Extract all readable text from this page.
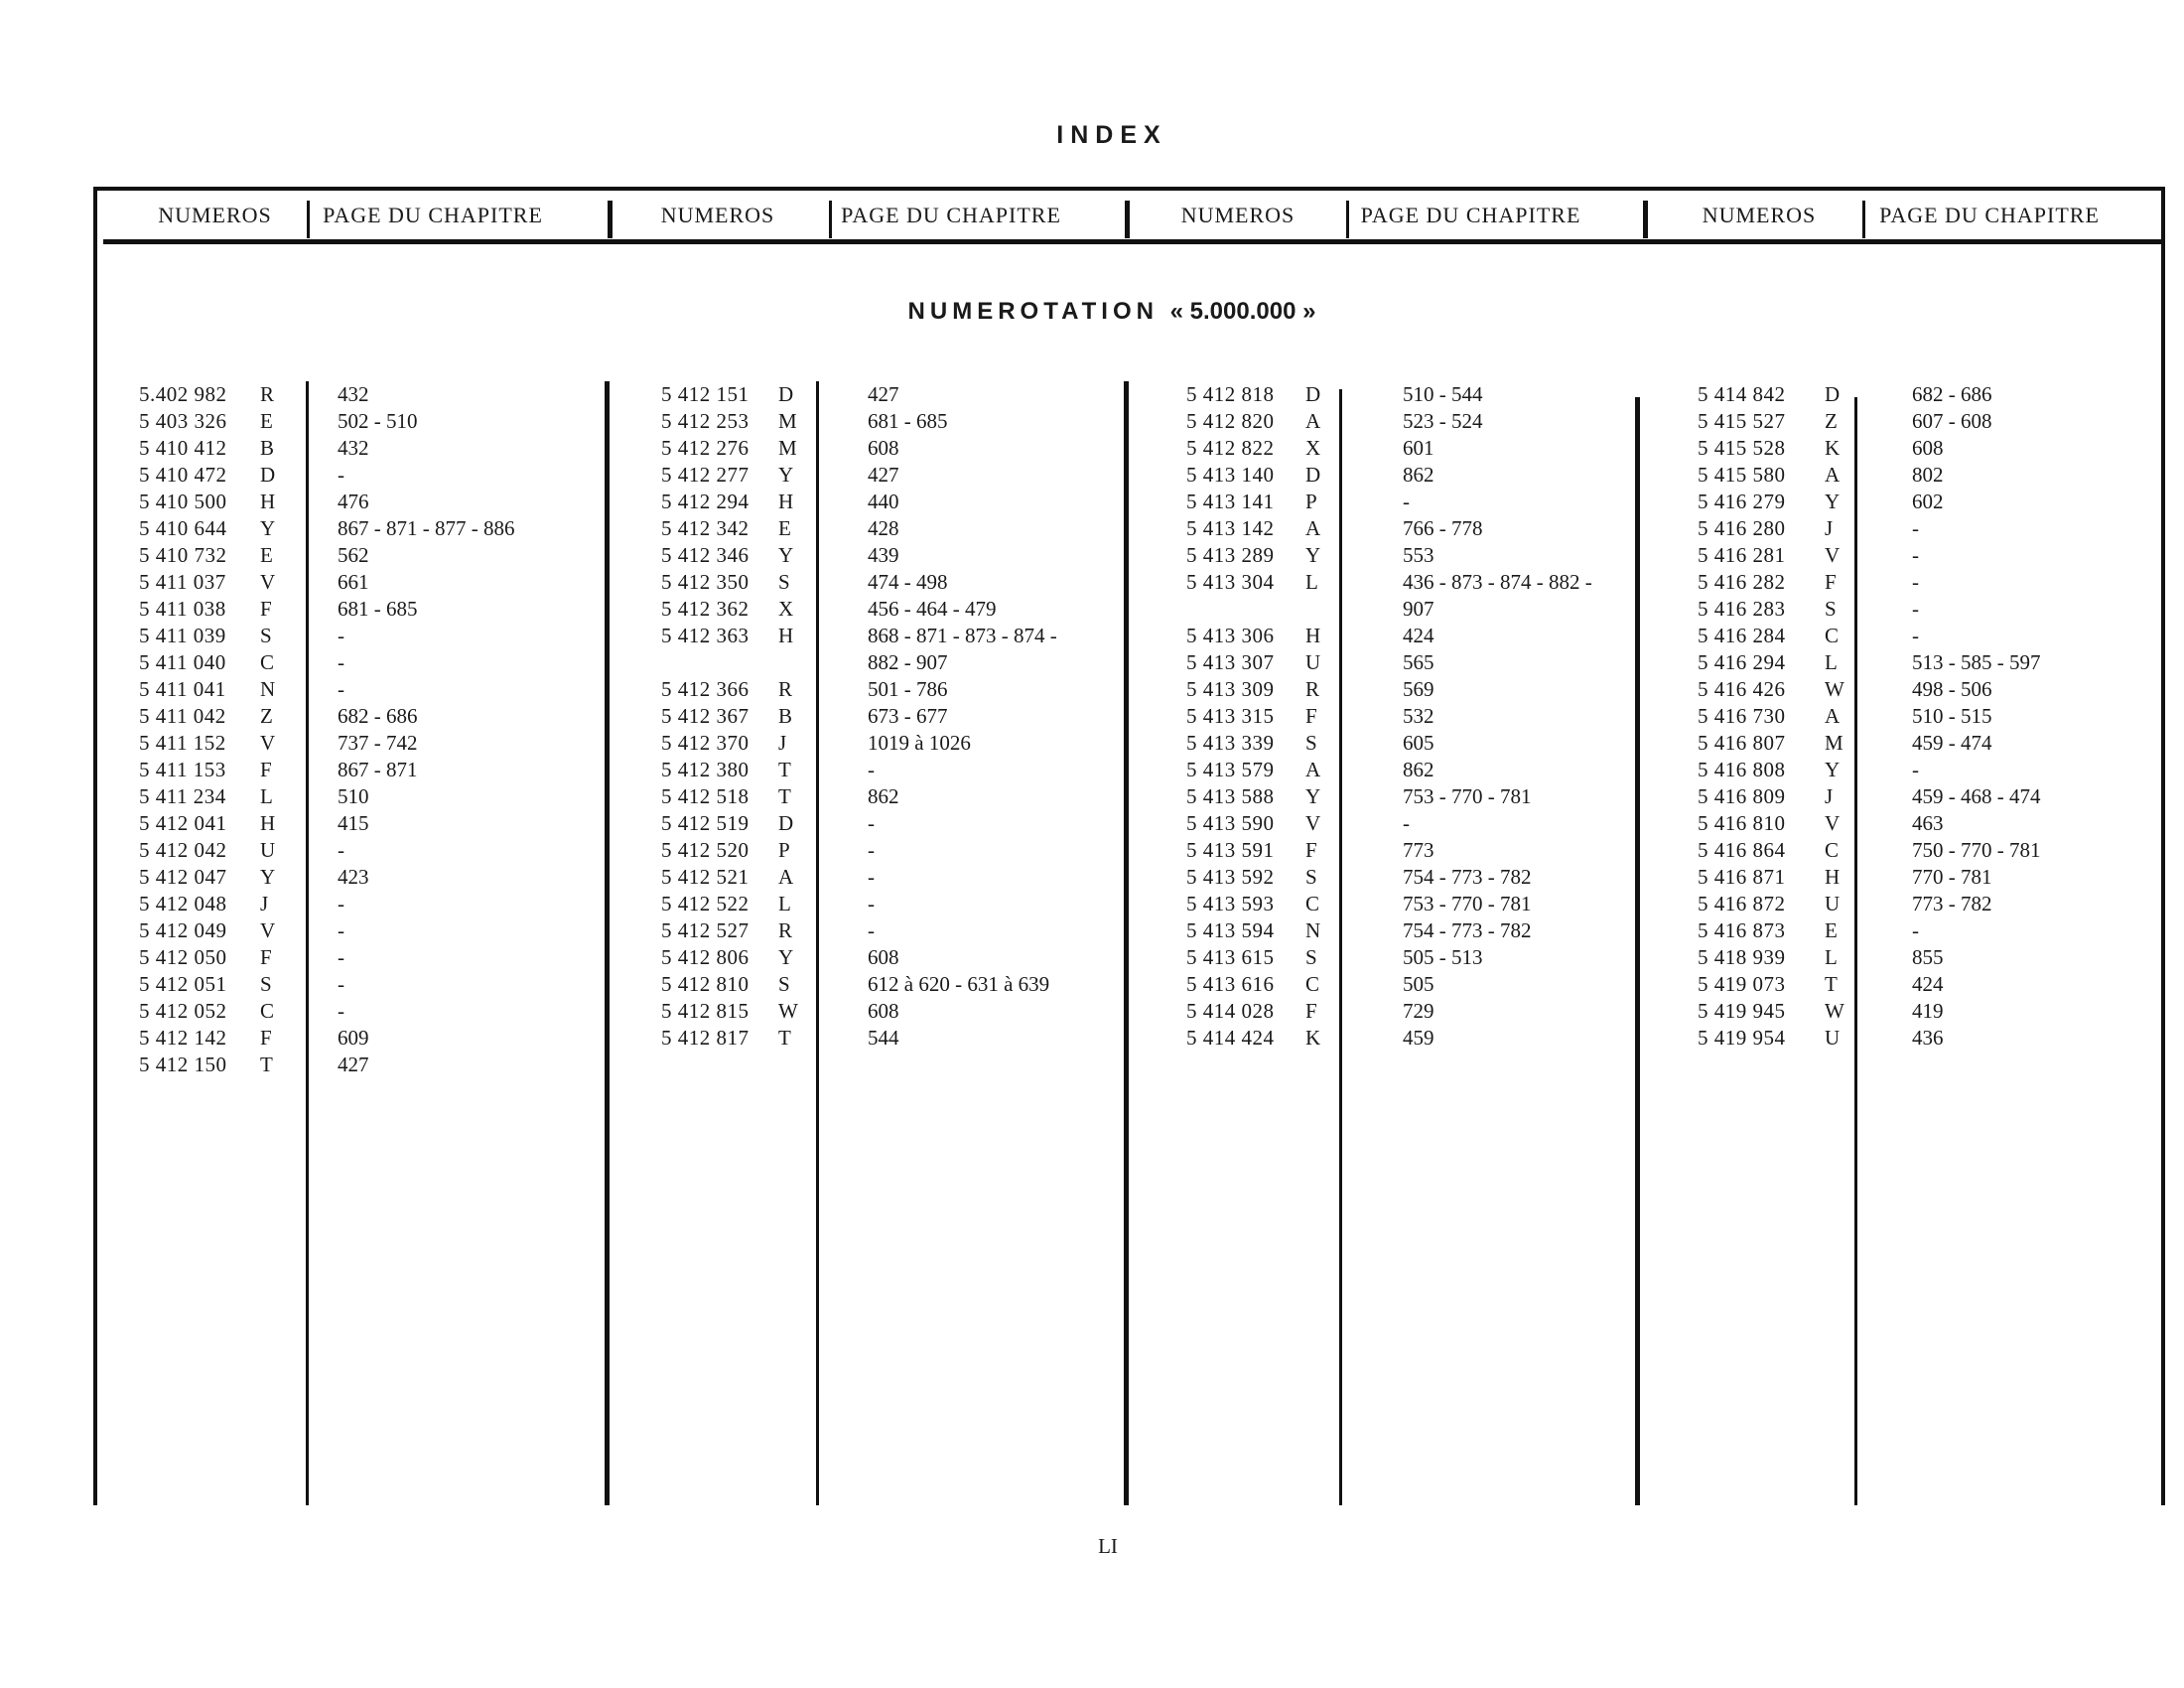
INDEX
NUMEROS	PAGE DU CHAPITRE	NUMEROS	PAGE DU CHAPITRE	NUMEROS	PAGE DU CHAPITRE	NUMEROS	PAGE DU CHAPITRE
NUMEROTATION « 5.000.000 »
5.402 982 R	432
5 403 326 E	502 - 510
5 410 412 B	432
5 410 472 D	-
5 410 500 H	476
5 410 644 Y	867 - 871 - 877 - 886
5 410 732 E	562
5 411 037 V	661
5 411 038 F	681 - 685
5 411 039 S	-
5 411 040 C	-
5 411 041 N	-
5 411 042 Z	682 - 686
5 411 152 V	737 - 742
5 411 153 F	867 - 871
5 411 234 L	510
5 412 041 H	415
5 412 042 U	-
5 412 047 Y	423
5 412 048 J	-
5 412 049 V	-
5 412 050 F	-
5 412 051 S	-
5 412 052 C	-
5 412 142 F	609
5 412 150 T	427
5 412 151 D	427
5 412 253 M	681 - 685
5 412 276 M	608
5 412 277 Y	427
5 412 294 H	440
5 412 342 E	428
5 412 346 Y	439
5 412 350 S	474 - 498
5 412 362 X	456 - 464 - 479
5 412 363 H	868 - 871 - 873 - 874 -
882 - 907
5 412 366 R	501 - 786
5 412 367 B	673 - 677
5 412 370 J	1019 à 1026
5 412 380 T	-
5 412 518 T	862
5 412 519 D	-
5 412 520 P	-
5 412 521 A	-
5 412 522 L	-
5 412 527 R	-
5 412 806 Y	608
5 412 810 S	612 à 620 - 631 à 639
5 412 815 W	608
5 412 817 T	544
5 412 818 D	510 - 544
5 412 820 A	523 - 524
5 412 822 X	601
5 413 140 D	862
5 413 141 P	-
5 413 142 A	766 - 778
5 413 289 Y	553
5 413 304 L	436 - 873 - 874 - 882 -
907
5 413 306 H	424
5 413 307 U	565
5 413 309 R	569
5 413 315 F	532
5 413 339 S	605
5 413 579 A	862
5 413 588 Y	753 - 770 - 781
5 413 590 V	-
5 413 591 F	773
5 413 592 S	754 - 773 - 782
5 413 593 C	753 - 770 - 781
5 413 594 N	754 - 773 - 782
5 413 615 S	505 - 513
5 413 616 C	505
5 414 028 F	729
5 414 424 K	459
5 414 842 D	682 - 686
5 415 527 Z	607 - 608
5 415 528 K	608
5 415 580 A	802
5 416 279 Y	602
5 416 280 J	-
5 416 281 V	-
5 416 282 F	-
5 416 283 S	-
5 416 284 C	-
5 416 294 L	513 - 585 - 597
5 416 426 W	498 - 506
5 416 730 A	510 - 515
5 416 807 M	459 - 474
5 416 808 Y	-
5 416 809 J	459 - 468 - 474
5 416 810 V	463
5 416 864 C	750 - 770 - 781
5 416 871 H	770 - 781
5 416 872 U	773 - 782
5 416 873 E	-
5 418 939 L	855
5 419 073 T	424
5 419 945 W	419
5 419 954 U	436
LI
